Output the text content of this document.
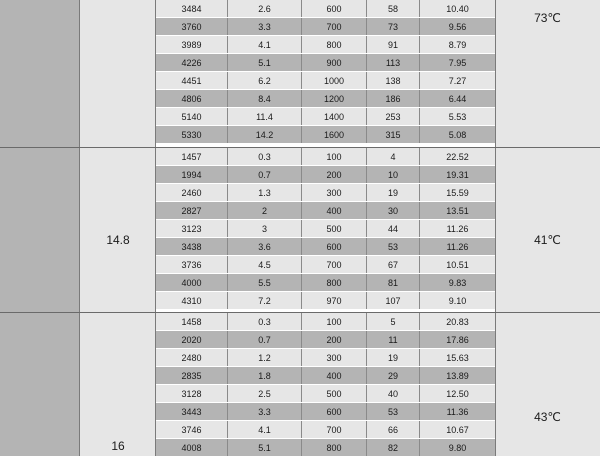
3484	2.6	600	58	10.40
3760	3.3	700	73	9.56
3989	4.1	800	91	8.79
4226	5.1	900	113	7.95
4451	6.2	1000	138	7.27
4806	8.4	1200	186	6.44
5140	11.4	1400	253	5.53
5330	14.2	1600	315	5.08
1457	0.3	100	4	22.52
1994	0.7	200	10	19.31
2460	1.3	300	19	15.59
2827	2	400	30	13.51
3123	3	500	44	11.26
3438	3.6	600	53	11.26
3736	4.5	700	67	10.51
4000	5.5	800	81	9.83
4310	7.2	970	107	9.10
1458	0.3	100	5	20.83
2020	0.7	200	11	17.86
2480	1.2	300	19	15.63
2835	1.8	400	29	13.89
3128	2.5	500	40	12.50
3443	3.3	600	53	11.36
3746	4.1	700	66	10.67
4008	5.1	800	82	9.80
14.8
16
73℃
41℃
43℃
